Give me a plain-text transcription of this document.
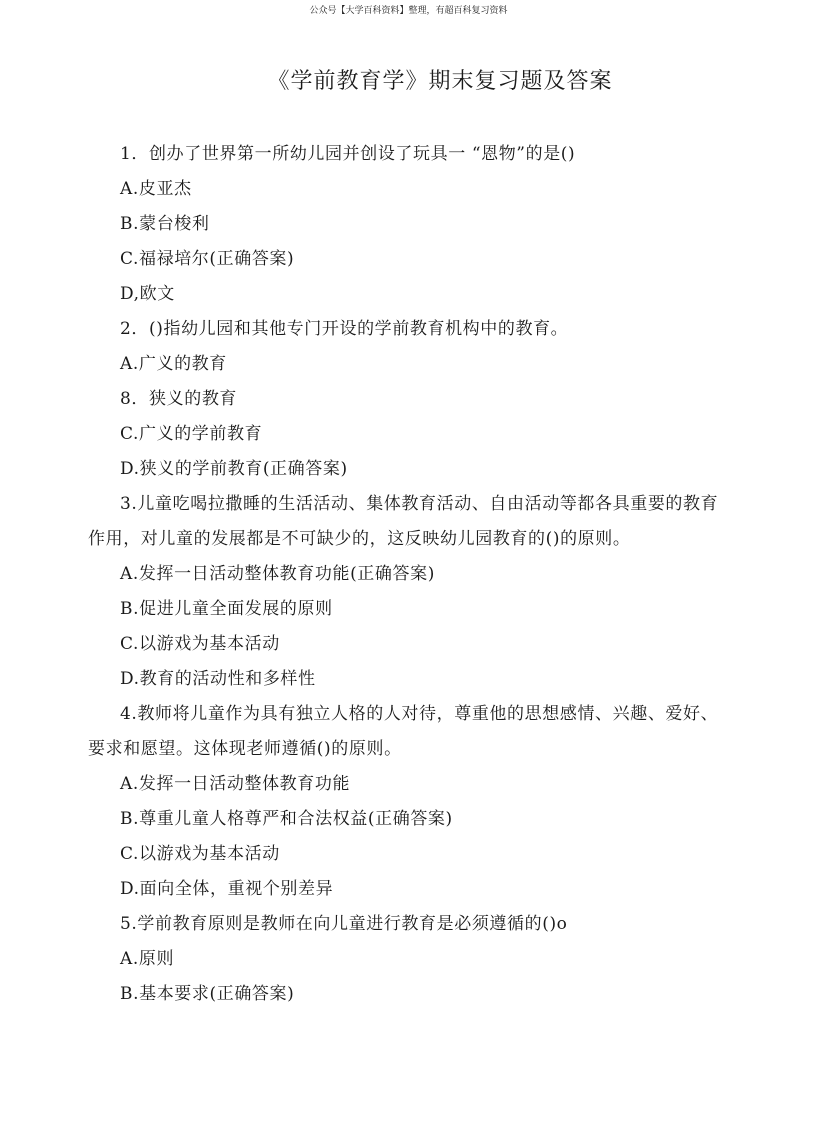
公众号【大学百科资料】整理，有超百科复习资料
《学前教育学》期末复习题及答案
1．创办了世界第一所幼儿园并创设了玩具一 “恩物”的是()
A.皮亚杰
B.蒙台梭利
C.福禄培尔(正确答案)
D,欧文
2．()指幼儿园和其他专门开设的学前教育机构中的教育。
A.广义的教育
8．狭义的教育
C.广义的学前教育
D.狭义的学前教育(正确答案)
3.儿童吃喝拉撒睡的生活活动、集体教育活动、自由活动等都各具重要的教育
作用，对儿童的发展都是不可缺少的，这反映幼儿园教育的()的原则。
A.发挥一日活动整体教育功能(正确答案)
B.促进儿童全面发展的原则
C.以游戏为基本活动
D.教育的活动性和多样性
4.教师将儿童作为具有独立人格的人对待，尊重他的思想感情、兴趣、爱好、
要求和愿望。这体现老师遵循()的原则。
A.发挥一日活动整体教育功能
B.尊重儿童人格尊严和合法权益(正确答案)
C.以游戏为基本活动
D.面向全体，重视个别差异
5.学前教育原则是教师在向儿童进行教育是必须遵循的()o
A.原则
B.基本要求(正确答案)
